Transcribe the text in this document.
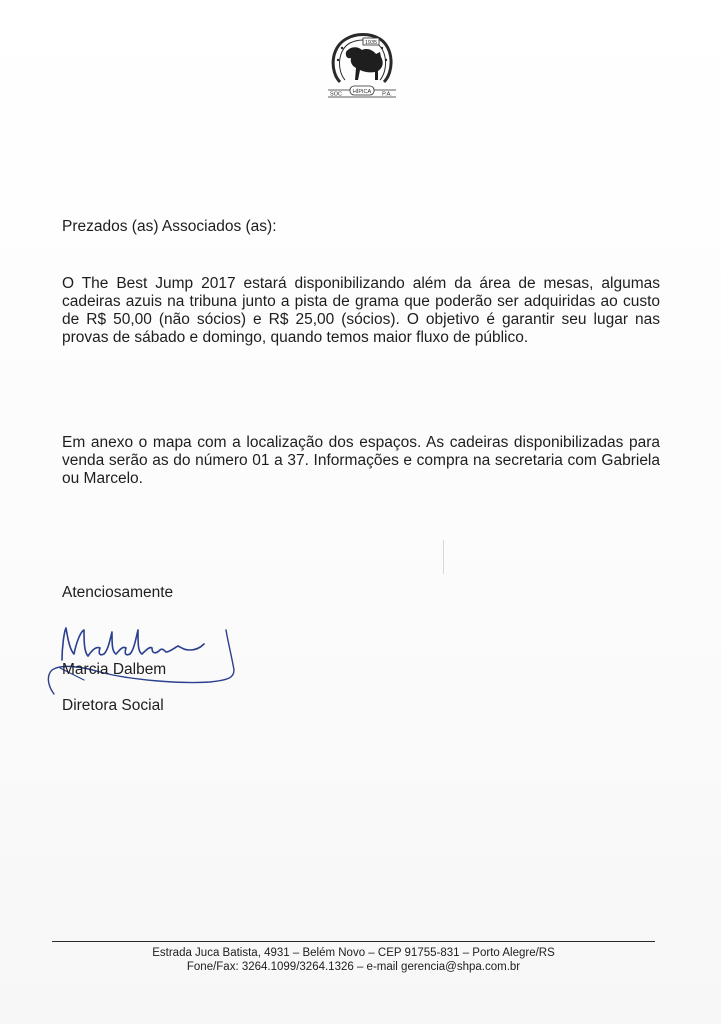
1935
SOC HÍPICA P.A.
Prezados (as) Associados (as):
O The Best Jump 2017 estará disponibilizando além da área de mesas, algumas cadeiras azuis na tribuna junto a pista de grama que poderão ser adquiridas ao custo de R$ 50,00 (não sócios) e R$ 25,00 (sócios). O objetivo é garantir seu lugar nas provas de sábado e domingo, quando temos maior fluxo de público.
Em anexo o mapa com a localização dos espaços. As cadeiras disponibilizadas para venda serão as do número 01 a 37. Informações e compra na secretaria com Gabriela ou Marcelo.
Atenciosamente
Marcia Dalbem
Diretora Social
Estrada Juca Batista, 4931 – Belém Novo – CEP 91755-831 – Porto Alegre/RS
Fone/Fax: 3264.1099/3264.1326 – e-mail gerencia@shpa.com.br
